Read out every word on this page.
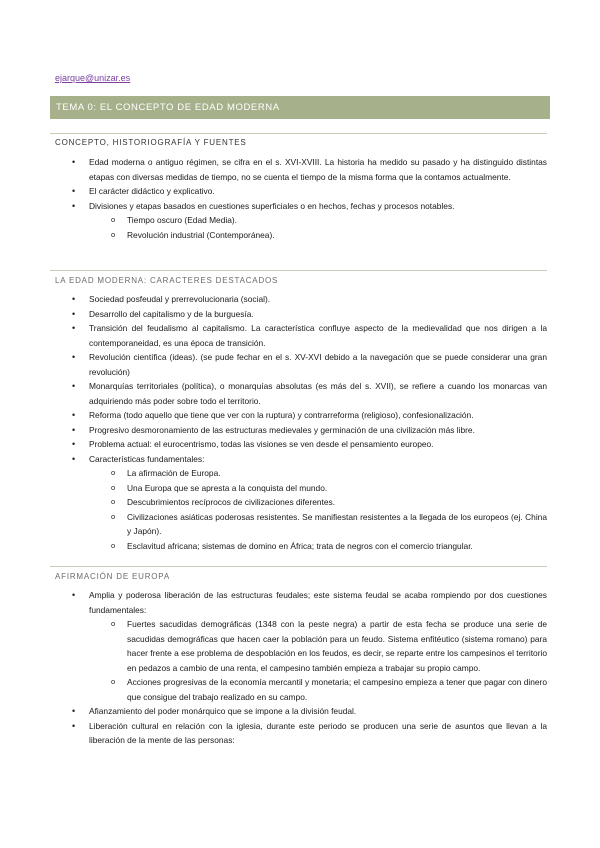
ejarque@unizar.es
TEMA 0: EL CONCEPTO DE EDAD MODERNA
CONCEPTO, HISTORIOGRAFÍA Y FUENTES
• Edad moderna o antiguo régimen, se cifra en el s. XVI-XVIII. La historia ha medido su pasado y ha distinguido distintas etapas con diversas medidas de tiempo, no se cuenta el tiempo de la misma forma que la contamos actualmente.
• El carácter didáctico y explicativo.
• Divisiones y etapas basados en cuestiones superficiales o en hechos, fechas y procesos notables.
o Tiempo oscuro (Edad Media).
o Revolución industrial (Contemporánea).
LA EDAD MODERNA: CARACTERES DESTACADOS
• Sociedad posfeudal y prerrevolucionaria (social).
• Desarrollo del capitalismo y de la burguesía.
• Transición del feudalismo al capitalismo. La característica confluye aspecto de la medievalidad que nos dirigen a la contemporaneidad, es una época de transición.
• Revolución científica (ideas). (se pude fechar en el s. XV-XVI debido a la navegación que se puede considerar una gran revolución)
• Monarquías territoriales (política), o monarquías absolutas (es más del s. XVII), se refiere a cuando los monarcas van adquiriendo más poder sobre todo el territorio.
• Reforma (todo aquello que tiene que ver con la ruptura) y contrarreforma (religioso), confesionalización.
• Progresivo desmoronamiento de las estructuras medievales y germinación de una civilización más libre.
• Problema actual: el eurocentrismo, todas las visiones se ven desde el pensamiento europeo.
• Características fundamentales:
o La afirmación de Europa.
o Una Europa que se apresta a la conquista del mundo.
o Descubrimientos recíprocos de civilizaciones diferentes.
o Civilizaciones asiáticas poderosas resistentes. Se manifiestan resistentes a la llegada de los europeos (ej. China y Japón).
o Esclavitud africana; sistemas de domino en África; trata de negros con el comercio triangular.
AFIRMACIÓN DE EUROPA
• Amplia y poderosa liberación de las estructuras feudales; este sistema feudal se acaba rompiendo por dos cuestiones fundamentales:
o Fuertes sacudidas demográficas (1348 con la peste negra) a partir de esta fecha se produce una serie de sacudidas demográficas que hacen caer la población para un feudo. Sistema enfitéutico (sistema romano) para hacer frente a ese problema de despoblación en los feudos, es decir, se reparte entre los campesinos el territorio en pedazos a cambio de una renta, el campesino también empieza a trabajar su propio campo.
o Acciones progresivas de la economía mercantil y monetaria; el campesino empieza a tener que pagar con dinero que consigue del trabajo realizado en su campo.
• Afianzamiento del poder monárquico que se impone a la división feudal.
• Liberación cultural en relación con la iglesia, durante este periodo se producen una serie de asuntos que llevan a la liberación de la mente de las personas:
